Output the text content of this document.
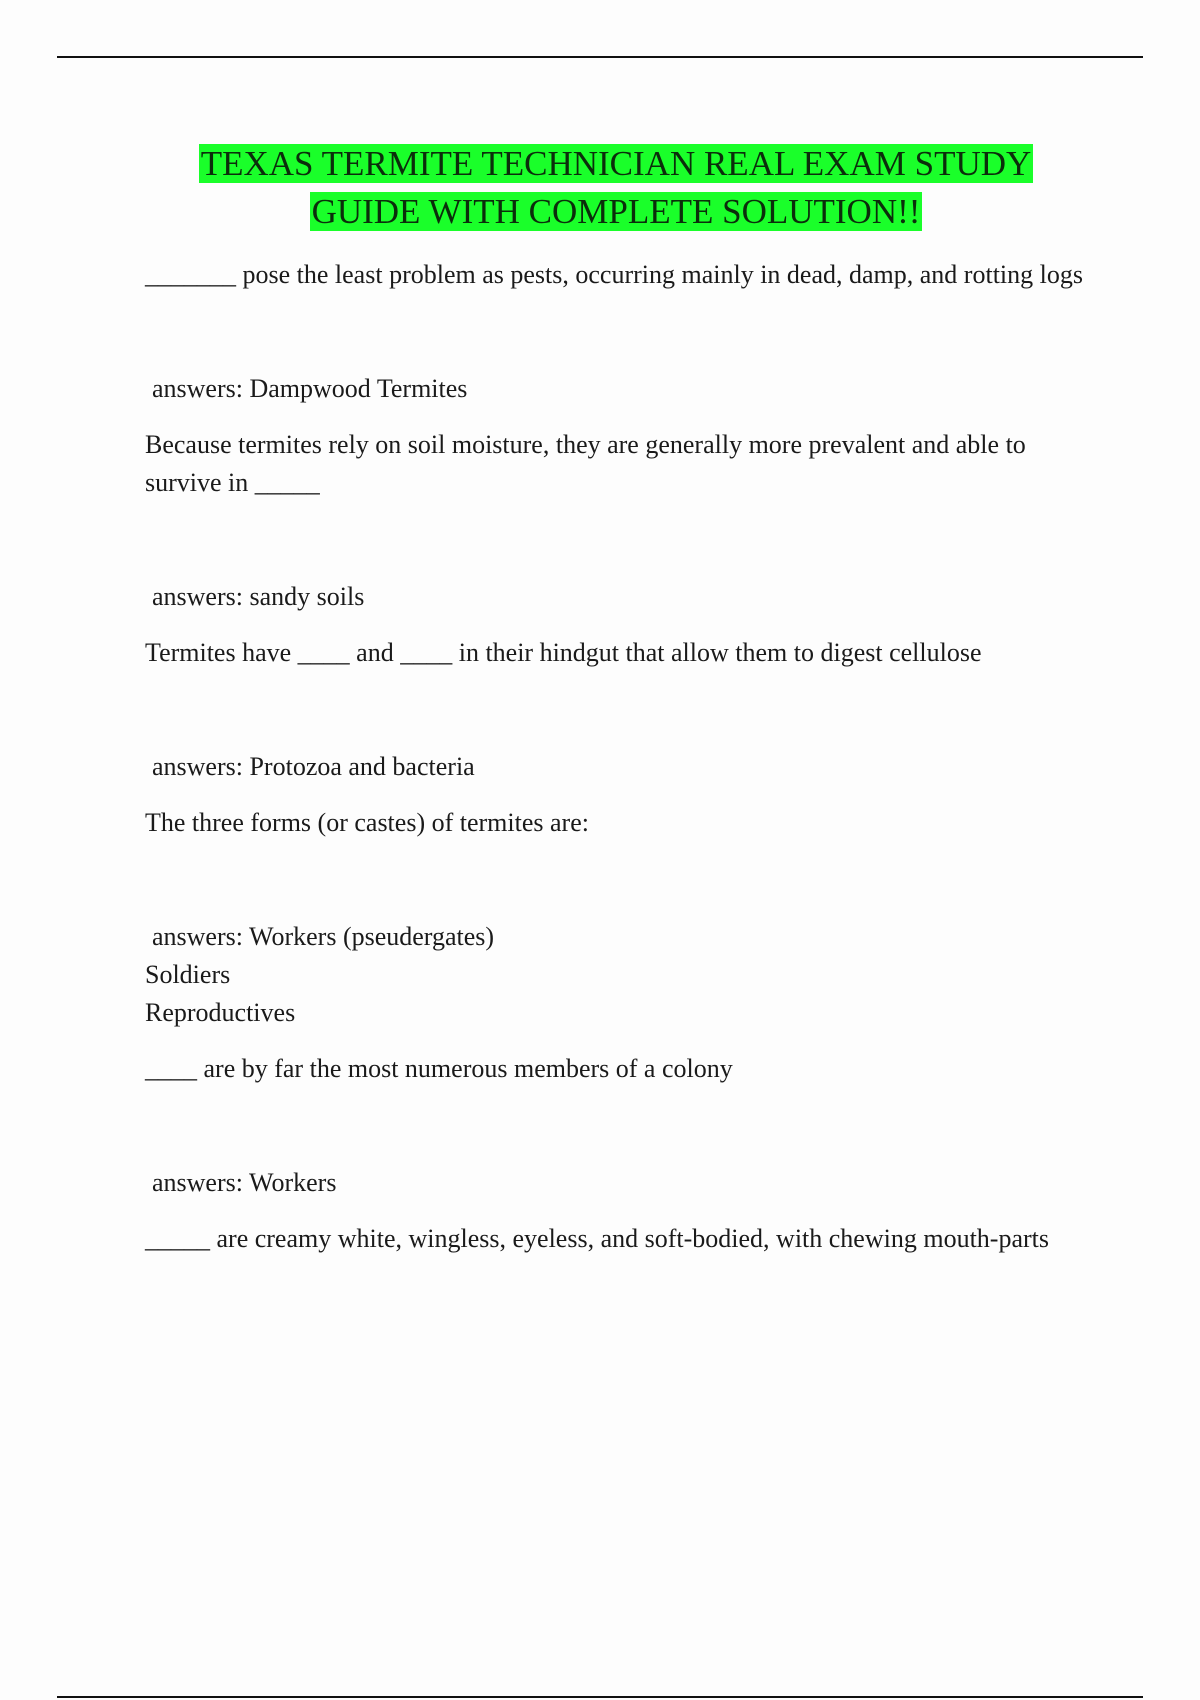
TEXAS TERMITE TECHNICIAN REAL EXAM STUDY
GUIDE WITH COMPLETE SOLUTION!!

_______ pose the least problem as pests, occurring mainly in dead, damp, and rotting logs

answers: Dampwood Termites

Because termites rely on soil moisture, they are generally more prevalent and able to survive in _____

answers: sandy soils

Termites have ____ and ____ in their hindgut that allow them to digest cellulose

answers: Protozoa and bacteria

The three forms (or castes) of termites are:

answers: Workers (pseudergates)

Soldiers

Reproductives

____ are by far the most numerous members of a colony

answers: Workers

_____ are creamy white, wingless, eyeless, and soft-bodied, with chewing mouth-parts
